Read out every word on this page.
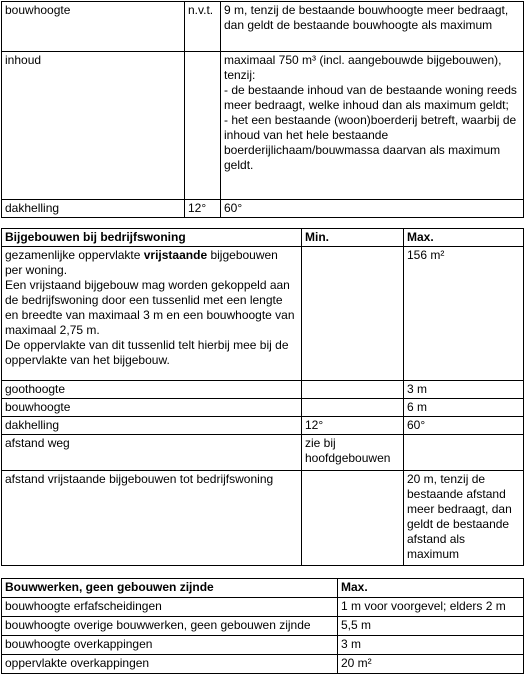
bouwhoogte	n.v.t.	9 m, tenzij de bestaande bouwhoogte meer bedraagt, dan geldt de bestaande bouwhoogte als maximum
inhoud		maximaal 750 m³ (incl. aangebouwde bijgebouwen), tenzij:

- de bestaande inhoud van de bestaande woning reeds meer bedraagt, welke inhoud dan als maximum geldt;

- het een bestaande (woon)boerderij betreft, waarbij de inhoud van het hele bestaande boerderijlichaam/bouwmassa daarvan als maximum geldt.

dakhelling	12°	60°
Bijgebouwen bij bedrijfswoning	Min.	Max.

gezamenlijke oppervlakte vrijstaande bijgebouwen per woning.

Een vrijstaand bijgebouw mag worden gekoppeld aan de bedrijfswoning door een tussenlid met een lengte en breedte van maximaal 3 m en een bouwhoogte van maximaal 2,75 m.

De oppervlakte van dit tussenlid telt hierbij mee bij de oppervlakte van het bijgebouw.		156 m²
goothoogte		3 m
bouwhoogte		6 m
dakhelling	12°	60°
afstand weg	zie bij hoofdgebouwen	
afstand vrijstaande bijgebouwen tot bedrijfswoning		20 m, tenzij de bestaande afstand meer bedraagt, dan geldt de bestaande afstand als maximum
Bouwwerken, geen gebouwen zijnde	Max.
bouwhoogte erfafscheidingen	1 m voor voorgevel; elders 2 m
bouwhoogte overige bouwwerken, geen gebouwen zijnde	5,5 m
bouwhoogte overkappingen	3 m
oppervlakte overkappingen	20 m²
